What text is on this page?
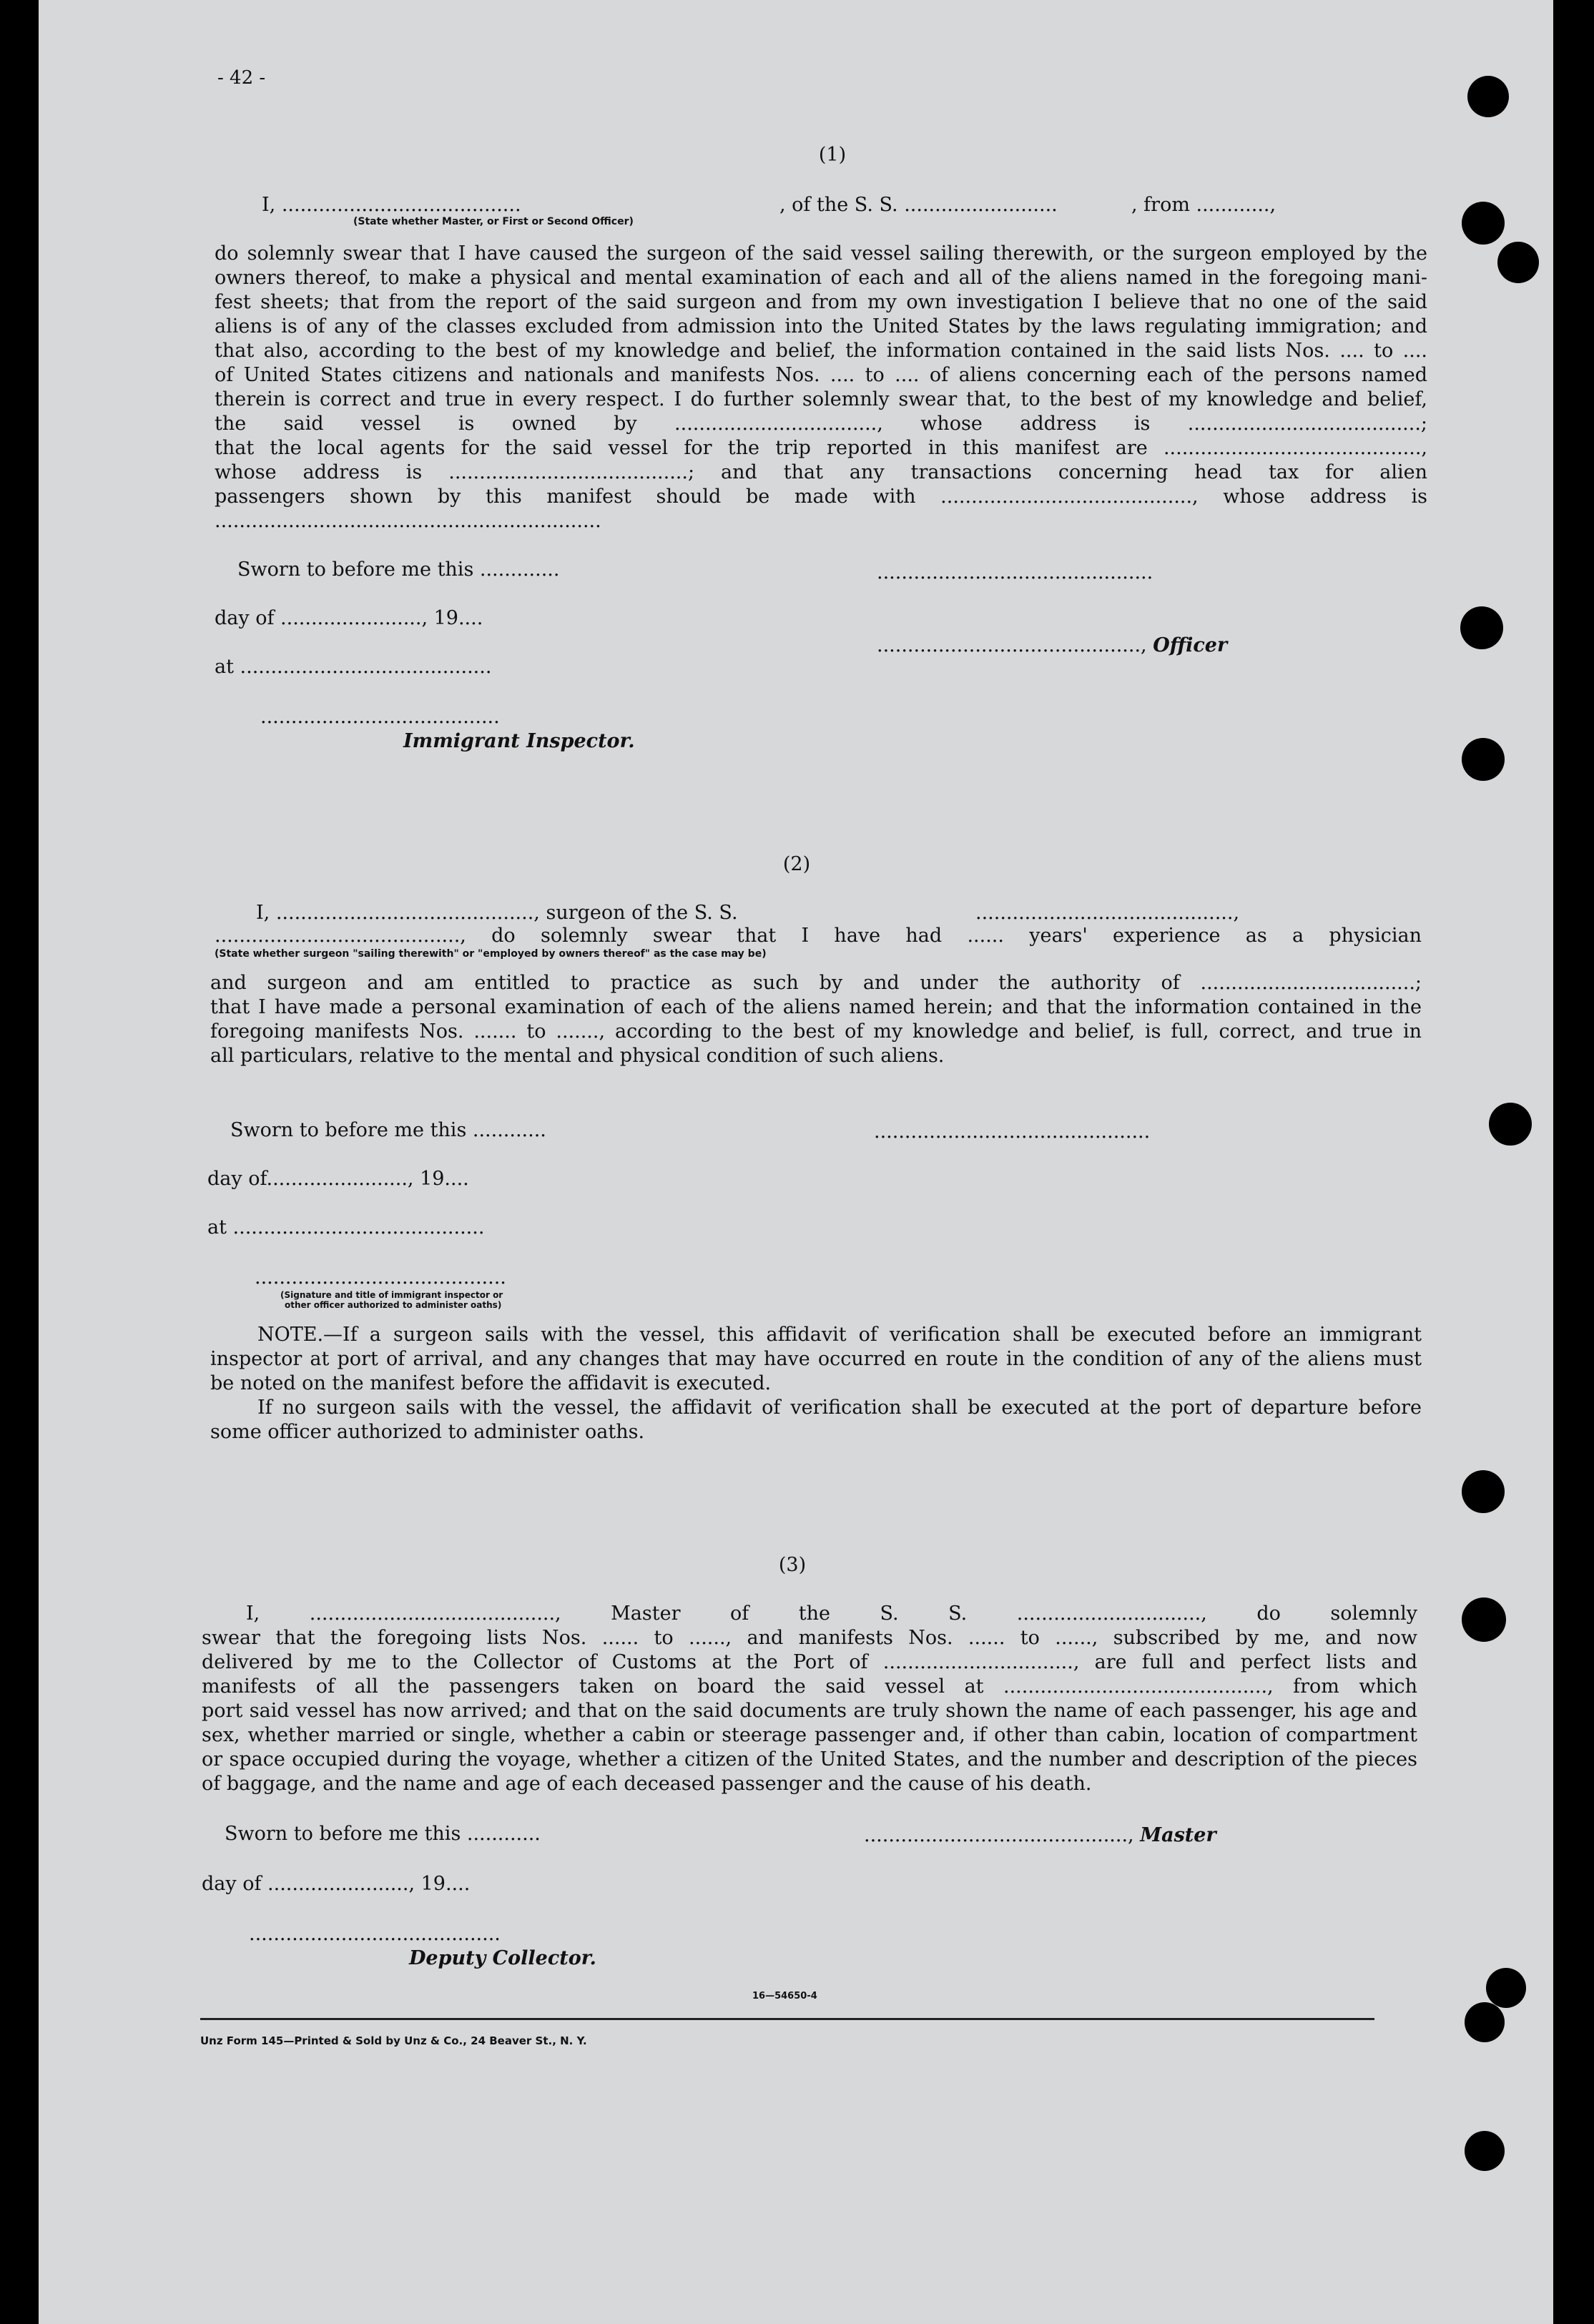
- 42 -
(1)
I, .......................................	, of the S. S. .........................	, from ............,
(State whether Master, or First or Second Officer)
do solemnly swear that I have caused the surgeon of the said vessel sailing therewith, or the surgeon employed by the
owners thereof, to make a physical and mental examination of each and all of the aliens named in the foregoing mani-
fest sheets; that from the report of the said surgeon and from my own investigation I believe that no one of the said
aliens is of any of the classes excluded from admission into the United States by the laws regulating immigration; and
that also, according to the best of my knowledge and belief, the information contained in the said lists Nos. .... to ....
of United States citizens and nationals and manifests Nos. .... to .... of aliens concerning each of the persons named
therein is correct and true in every respect. I do further solemnly swear that, to the best of my knowledge and belief,
the said vessel is owned by ................................., whose address is ......................................;
that the local agents for the said vessel for the trip reported in this manifest are ..........................................,
whose address is .......................................; and that any transactions concerning head tax for alien
passengers shown by this manifest should be made with ........................................., whose address is
...............................................................
Sworn to before me this .............
day of ......................., 19....
at .........................................
.......................................
Immigrant Inspector.
.............................................
..........................................., Officer
(2)
I, .........................................., surgeon of the S. S.	..........................................,
........................................, do solemnly swear that I have had ...... years' experience as a physician
(State whether surgeon "sailing therewith" or "employed by owners thereof" as the case may be)
and surgeon and am entitled to practice as such by and under the authority of ...................................;
that I have made a personal examination of each of the aliens named herein; and that the information contained in the
foregoing manifests Nos. ....... to ......., according to the best of my knowledge and belief, is full, correct, and true in
all particulars, relative to the mental and physical condition of such aliens.
Sworn to before me this ............
day of......................., 19....
at .........................................
.........................................
(Signature and title of immigrant inspector or
other officer authorized to administer oaths)
.............................................
NOTE.—If a surgeon sails with the vessel, this affidavit of verification shall be executed before an immigrant
inspector at port of arrival, and any changes that may have occurred en route in the condition of any of the aliens must
be noted on the manifest before the affidavit is executed.
If no surgeon sails with the vessel, the affidavit of verification shall be executed at the port of departure before
some officer authorized to administer oaths.
(3)
I, ........................................, Master of the S. S. .............................., do solemnly
swear that the foregoing lists Nos. ...... to ......, and manifests Nos. ...... to ......, subscribed by me, and now
delivered by me to the Collector of Customs at the Port of ..............................., are full and perfect lists and
manifests of all the passengers taken on board the said vessel at ..........................................., from which
port said vessel has now arrived; and that on the said documents are truly shown the name of each passenger, his age and
sex, whether married or single, whether a cabin or steerage passenger and, if other than cabin, location of compartment
or space occupied during the voyage, whether a citizen of the United States, and the number and description of the pieces
of baggage, and the name and age of each deceased passenger and the cause of his death.
Sworn to before me this ............
day of ......................., 19....
.........................................
Deputy Collector.
..........................................., Master
16—54650-4
Unz Form 145—Printed & Sold by Unz & Co., 24 Beaver St., N. Y.
